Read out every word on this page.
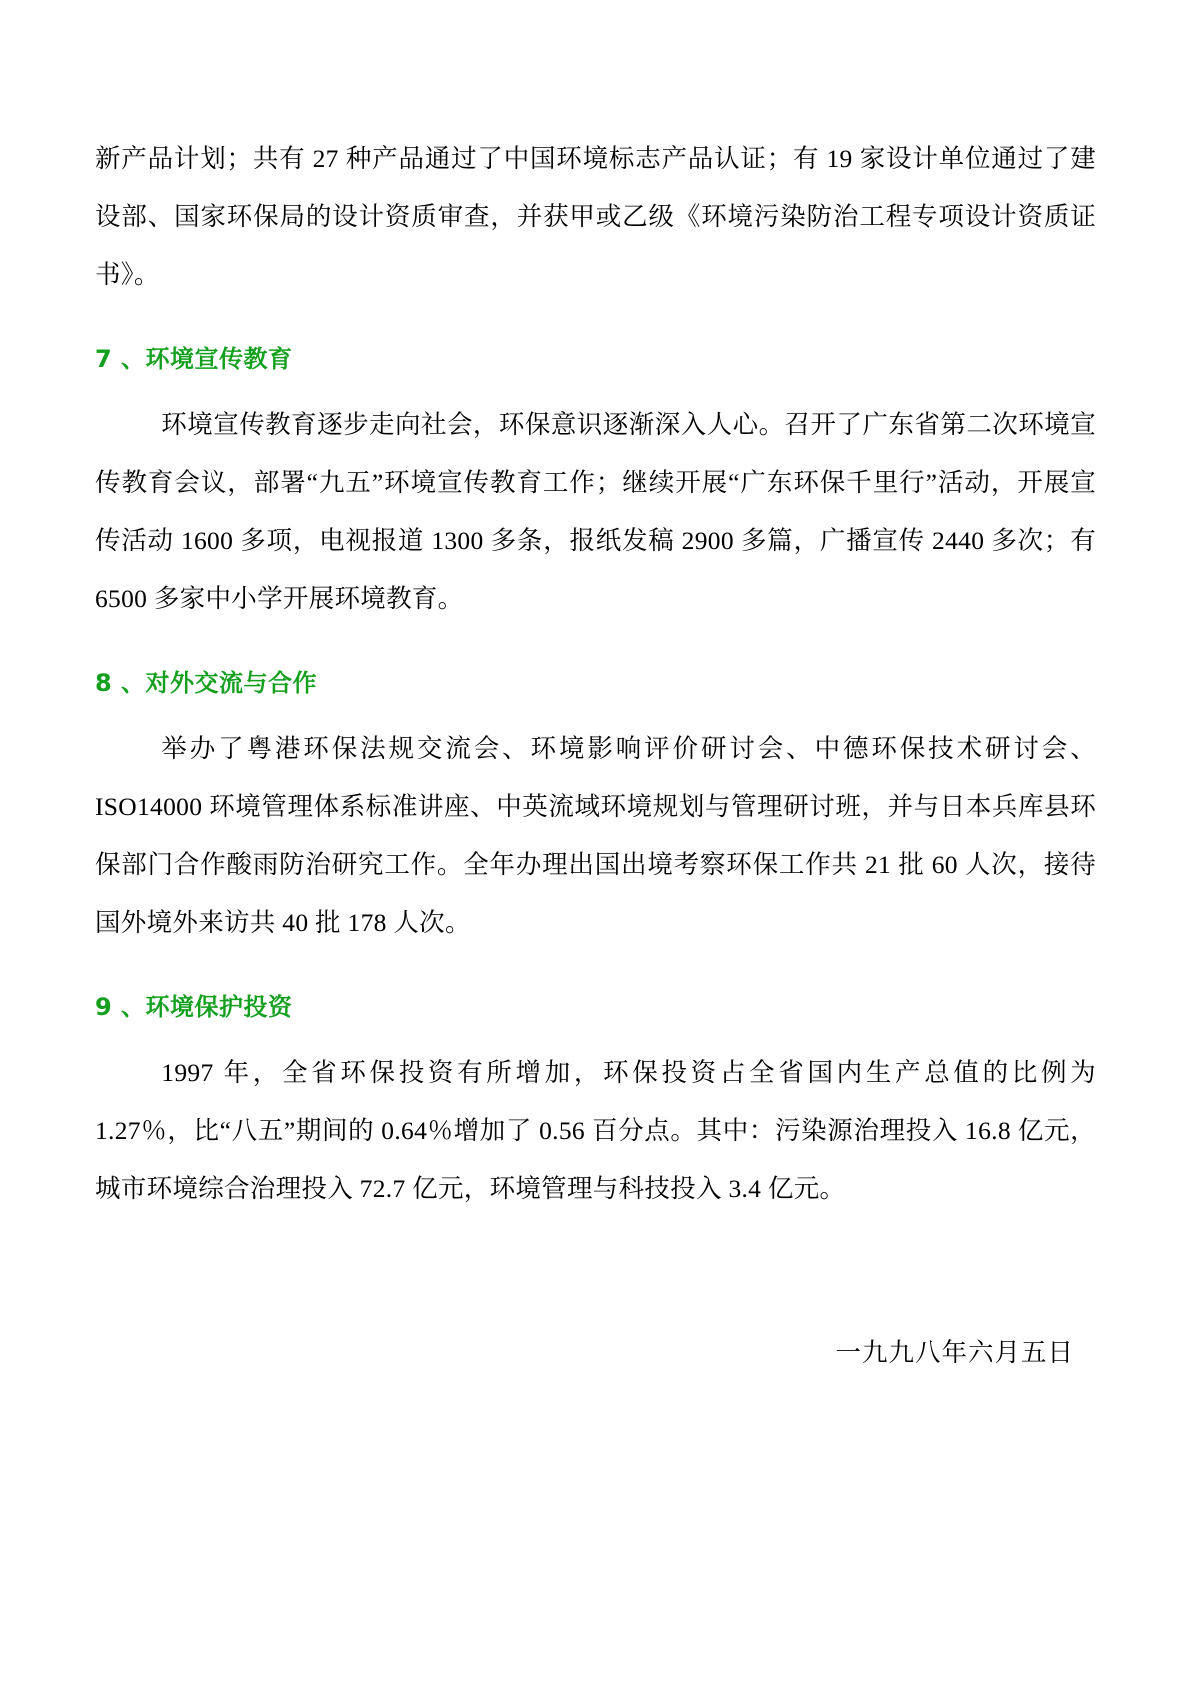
新产品计划；共有 27 种产品通过了中国环境标志产品认证；有 19 家设计单位通过了建设部、国家环保局的设计资质审查，并获甲或乙级《环境污染防治工程专项设计资质证书》。

7 、环境宣传教育

环境宣传教育逐步走向社会，环保意识逐渐深入人心。召开了广东省第二次环境宣传教育会议，部署“九五”环境宣传教育工作；继续开展“广东环保千里行”活动，开展宣传活动 1600 多项，电视报道 1300 多条，报纸发稿 2900 多篇，广播宣传 2440 多次；有 6500 多家中小学开展环境教育。

8 、对外交流与合作

举办了粤港环保法规交流会、环境影响评价研讨会、中德环保技术研讨会、ISO14000 环境管理体系标准讲座、中英流域环境规划与管理研讨班，并与日本兵库县环保部门合作酸雨防治研究工作。全年办理出国出境考察环保工作共 21 批 60 人次，接待国外境外来访共 40 批 178 人次。

9 、环境保护投资

1997 年，全省环保投资有所增加，环保投资占全省国内生产总值的比例为 1.27％，比“八五”期间的 0.64％增加了 0.56 百分点。其中：污染源治理投入 16.8 亿元，城市环境综合治理投入 72.7 亿元，环境管理与科技投入 3.4 亿元。

一九九八年六月五日
